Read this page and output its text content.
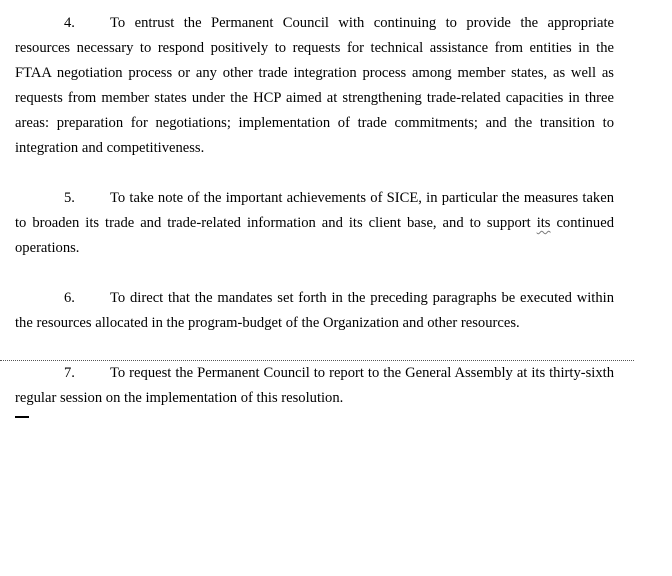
4. To entrust the Permanent Council with continuing to provide the appropriate resources necessary to respond positively to requests for technical assistance from entities in the FTAA negotiation process or any other trade integration process among member states, as well as requests from member states under the HCP aimed at strengthening trade-related capacities in three areas: preparation for negotiations; implementation of trade commitments; and the transition to integration and competitiveness.

5. To take note of the important achievements of SICE, in particular the measures taken to broaden its trade and trade-related information and its client base, and to support its continued operations.

6. To direct that the mandates set forth in the preceding paragraphs be executed within the resources allocated in the program-budget of the Organization and other resources.

7. To request the Permanent Council to report to the General Assembly at its thirty-sixth regular session on the implementation of this resolution.
